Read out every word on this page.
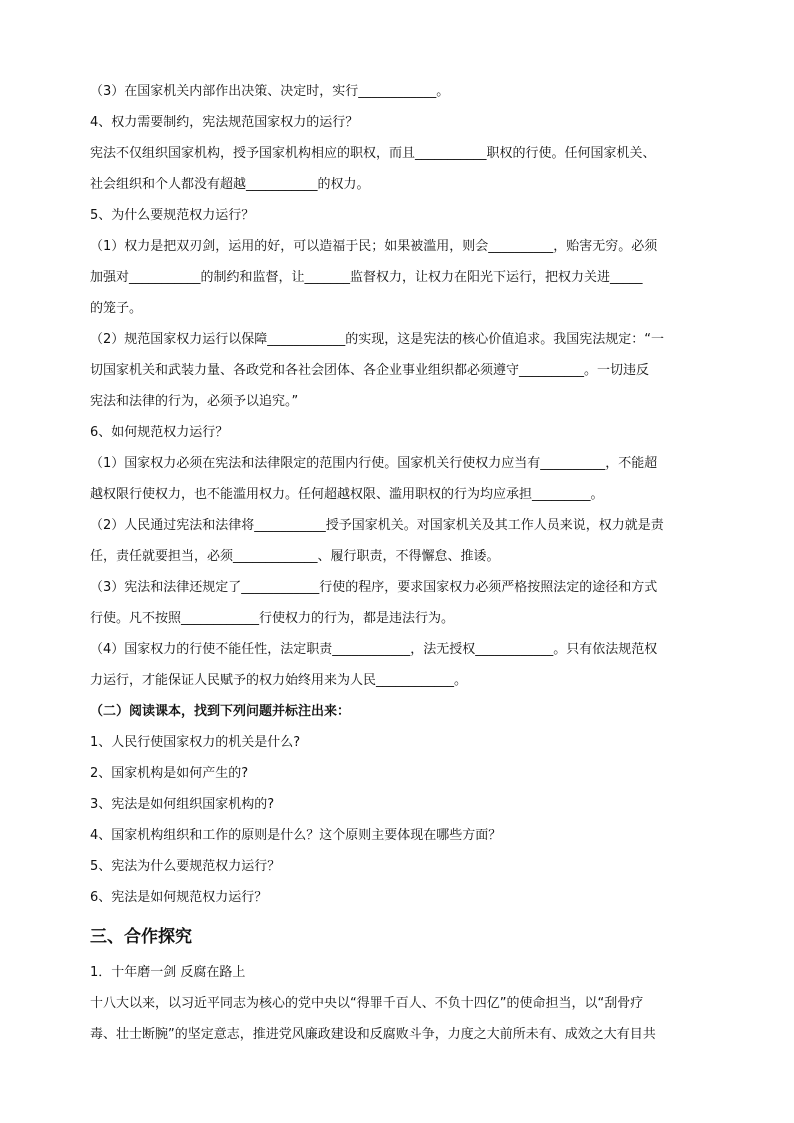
（3）在国家机关内部作出决策、决定时，实行____________。
4、权力需要制约，宪法规范国家权力的运行？
宪法不仅组织国家机构，授予国家机构相应的职权，而且___________职权的行使。任何国家机关、
社会组织和个人都没有超越___________的权力。
5、为什么要规范权力运行？
（1）权力是把双刃剑，运用的好，可以造福于民；如果被滥用，则会__________，贻害无穷。必须
加强对___________的制约和监督，让_______监督权力，让权力在阳光下运行，把权力关进_____
的笼子。
（2）规范国家权力运行以保障____________的实现，这是宪法的核心价值追求。我国宪法规定：“一
切国家机关和武装力量、各政党和各社会团体、各企业事业组织都必须遵守__________。一切违反
宪法和法律的行为，必须予以追究。”
6、如何规范权力运行？
（1）国家权力必须在宪法和法律限定的范围内行使。国家机关行使权力应当有__________，不能超
越权限行使权力，也不能滥用权力。任何超越权限、滥用职权的行为均应承担_________。
（2）人民通过宪法和法律将___________授予国家机关。对国家机关及其工作人员来说，权力就是责
任，责任就要担当，必须_____________、履行职责，不得懈怠、推诿。
（3）宪法和法律还规定了____________行使的程序，要求国家权力必须严格按照法定的途径和方式
行使。凡不按照____________行使权力的行为，都是违法行为。
（4）国家权力的行使不能任性，法定职责____________，法无授权____________。只有依法规范权
力运行，才能保证人民赋予的权力始终用来为人民____________。
（二）阅读课本，找到下列问题并标注出来：
1、人民行使国家权力的机关是什么?
2、国家机构是如何产生的?
3、宪法是如何组织国家机构的?
4、国家机构组织和工作的原则是什么？这个原则主要体现在哪些方面？
5、宪法为什么要规范权力运行？
6、宪法是如何规范权力运行？
三、合作探究
1．十年磨一剑 反腐在路上
十八大以来，以习近平同志为核心的党中央以“得罪千百人、不负十四亿”的使命担当，以“刮骨疗
毒、壮士断腕”的坚定意志，推进党风廉政建设和反腐败斗争，力度之大前所未有、成效之大有目共
